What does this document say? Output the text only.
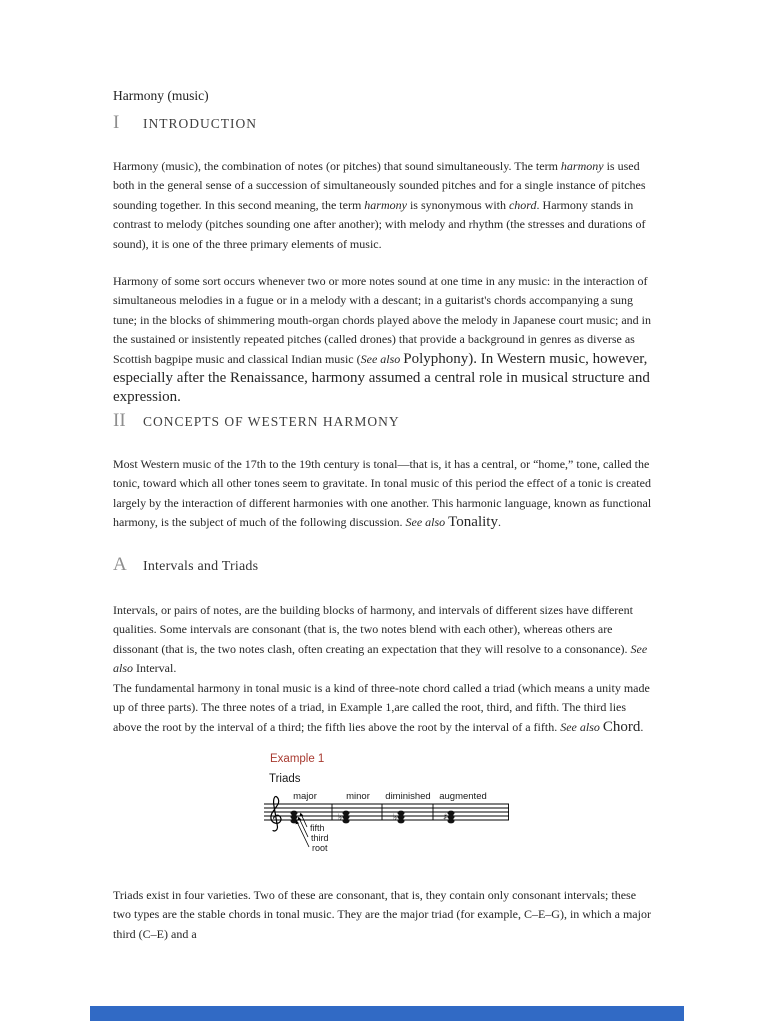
Harmony (music)
I	INTRODUCTION

Harmony (music), the combination of notes (or pitches) that sound simultaneously. The term harmony is used both in the general sense of a succession of simultaneously sounded pitches and for a single instance of pitches sounding together. In this second meaning, the term harmony is synonymous with chord. Harmony stands in contrast to melody (pitches sounding one after another); with melody and rhythm (the stresses and durations of sound), it is one of the three primary elements of music.

Harmony of some sort occurs whenever two or more notes sound at one time in any music: in the interaction of simultaneous melodies in a fugue or in a melody with a descant; in a guitarist's chords accompanying a sung tune; in the blocks of shimmering mouth-organ chords played above the melody in Japanese court music; and in the sustained or insistently repeated pitches (called drones) that provide a background in genres as diverse as Scottish bagpipe music and classical Indian music (See also Polyphony). In Western music, however, especially after the Renaissance, harmony assumed a central role in musical structure and expression.

II	CONCEPTS OF WESTERN HARMONY

Most Western music of the 17th to the 19th century is tonal—that is, it has a central, or “home,” tone, called the tonic, toward which all other tones seem to gravitate. In tonal music of this period the effect of a tonic is created largely by the interaction of different harmonies with one another. This harmonic language, known as functional harmony, is the subject of much of the following discussion. See also Tonality.

A	Intervals and Triads

Intervals, or pairs of notes, are the building blocks of harmony, and intervals of different sizes have different qualities. Some intervals are consonant (that is, the two notes blend with each other), whereas others are dissonant (that is, the two notes clash, often creating an expectation that they will resolve to a consonance). See also Interval.

The fundamental harmony in tonal music is a kind of three-note chord called a triad (which means a unity made up of three parts). The three notes of a triad, in Example 1,are called the root, third, and fifth. The third lies above the root by the interval of a third; the fifth lies above the root by the interval of a fifth. See also Chord.

Example 1
Triads
major	minor diminished augmented
♭	♭	♯
fifth
third
root

Triads exist in four varieties. Two of these are consonant, that is, they contain only consonant intervals; these two types are the stable chords in tonal music. They are the major triad (for example, C–E–G), in which a major third (C–E) and a
